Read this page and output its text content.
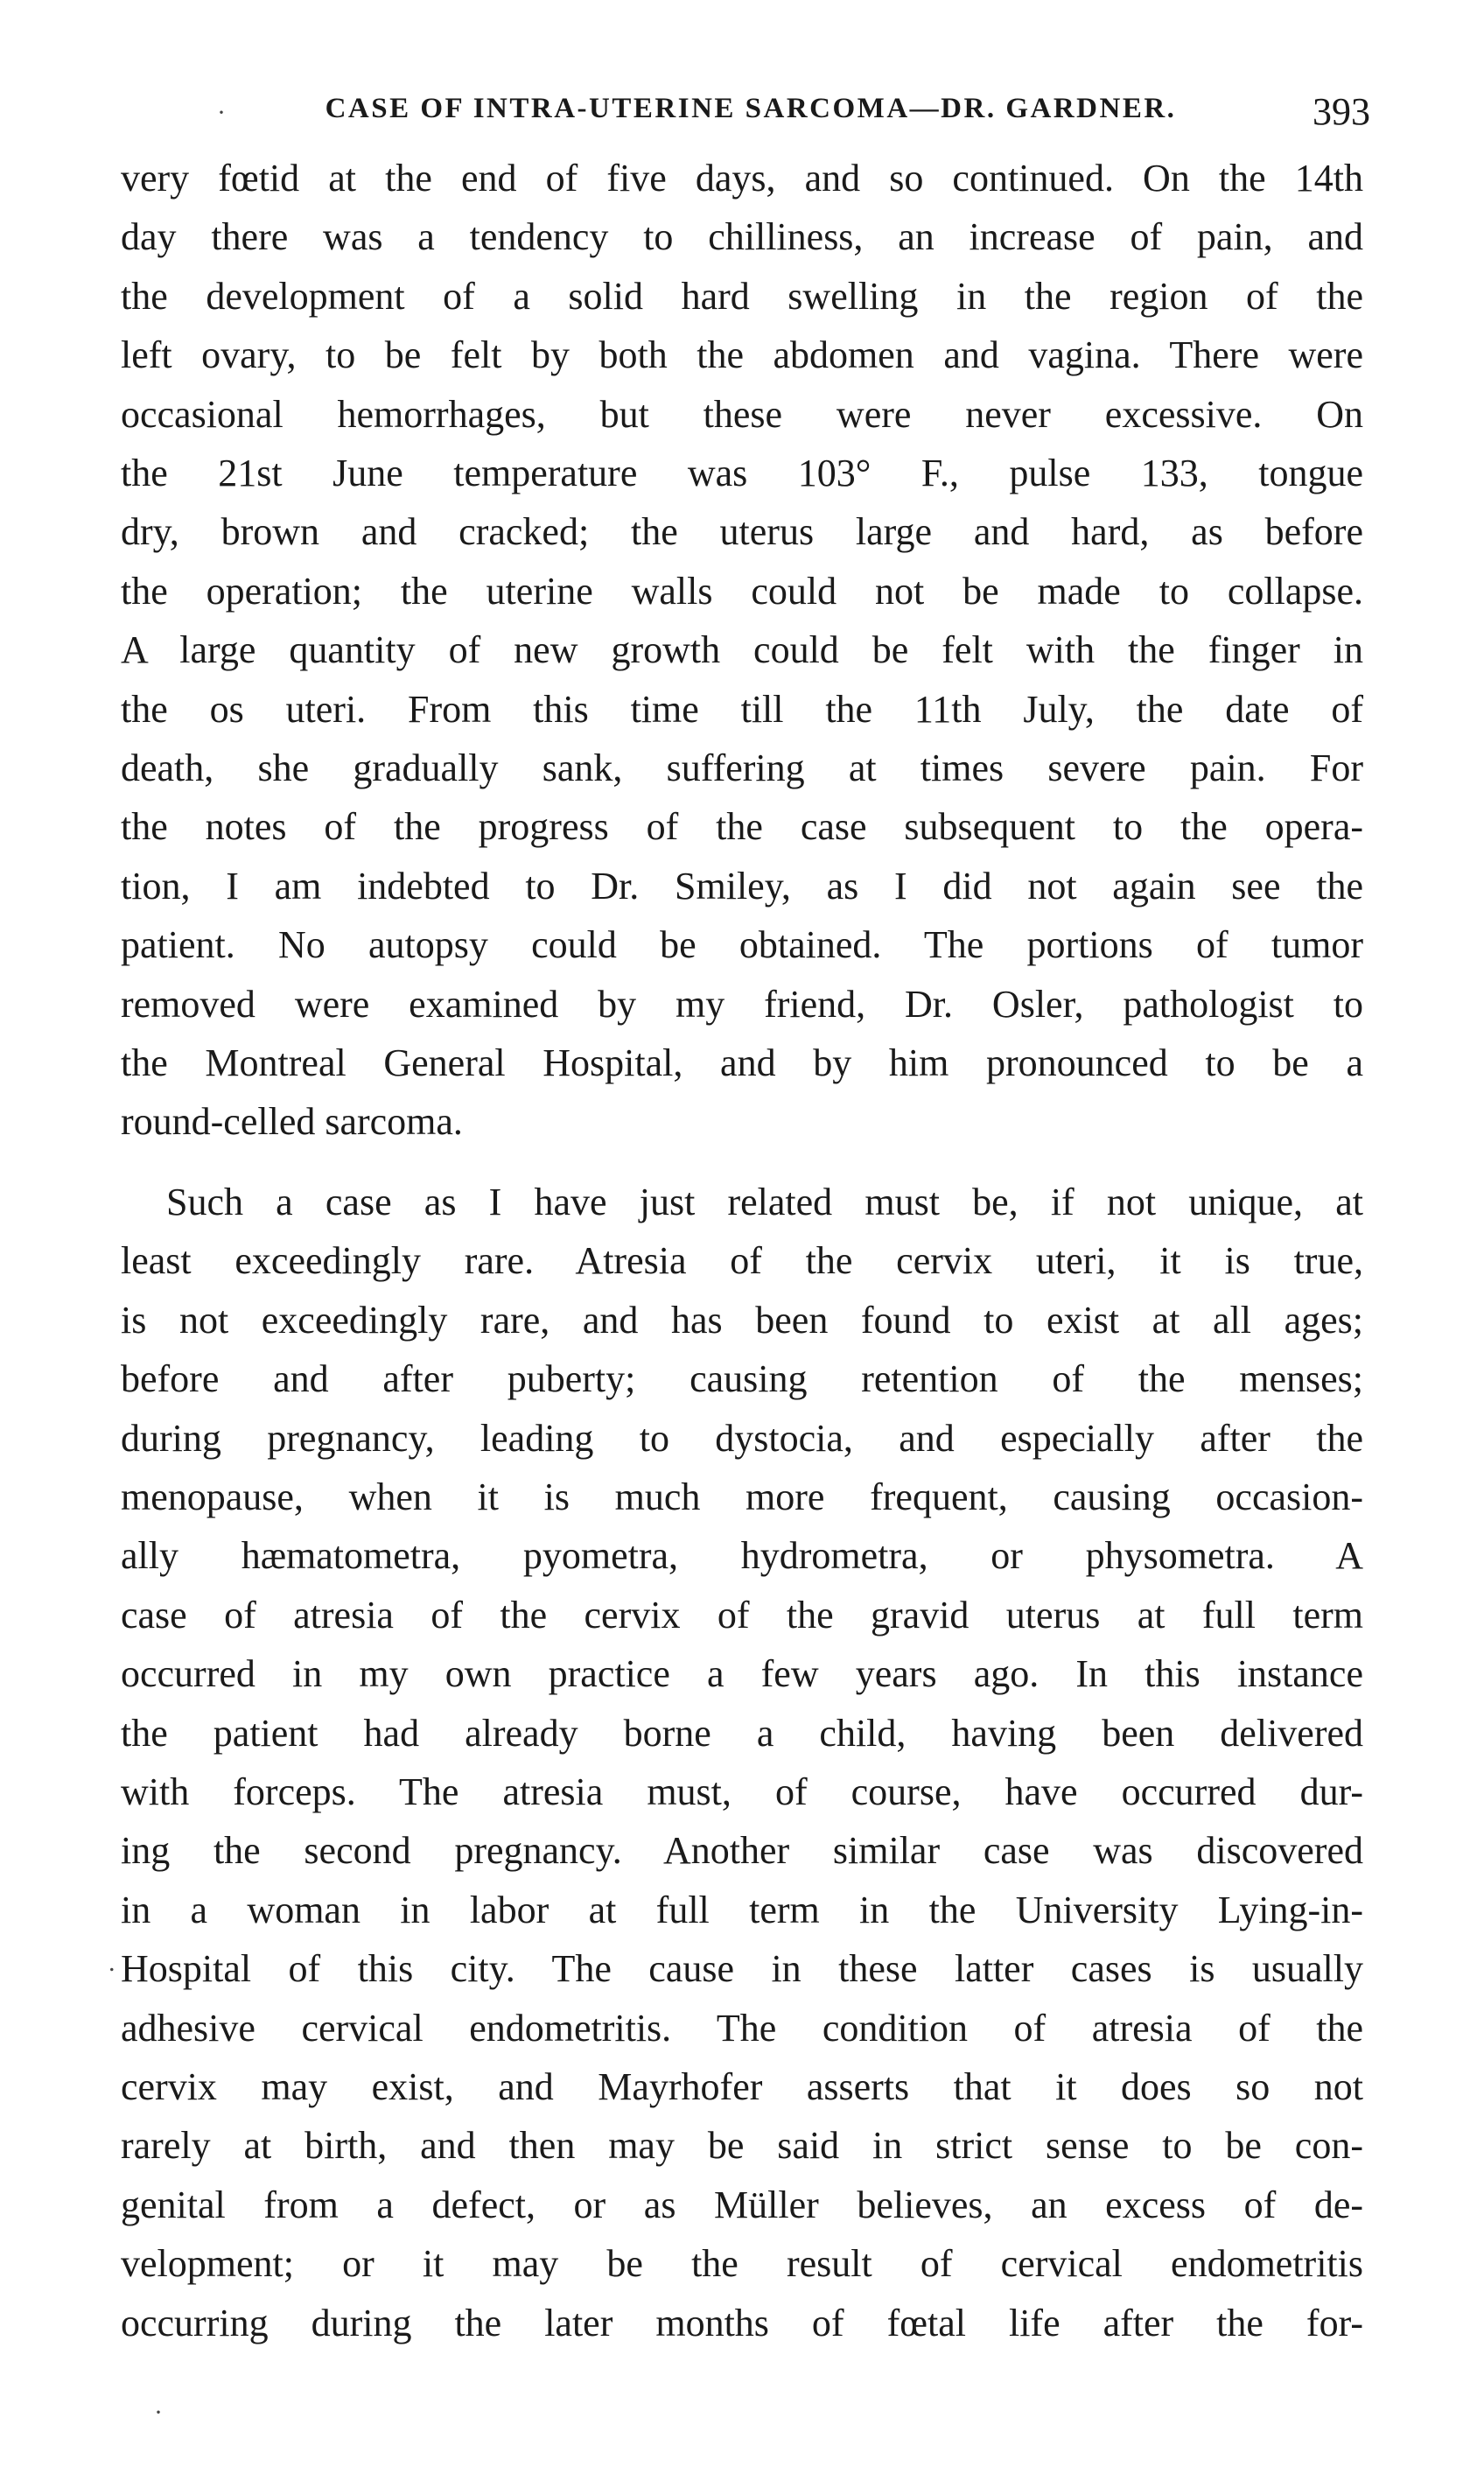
CASE OF INTRA-UTERINE SARCOMA—DR. GARDNER.	393
very fœtid at the end of five days, and so continued. On the 14th
day there was a tendency to chilliness, an increase of pain, and
the development of a solid hard swelling in the region of the
left ovary, to be felt by both the abdomen and vagina. There were
occasional hemorrhages, but these were never excessive. On
the 21st June temperature was 103° F., pulse 133, tongue
dry, brown and cracked; the uterus large and hard, as before
the operation; the uterine walls could not be made to collapse.
A large quantity of new growth could be felt with the finger in
the os uteri. From this time till the 11th July, the date of
death, she gradually sank, suffering at times severe pain. For
the notes of the progress of the case subsequent to the opera-
tion, I am indebted to Dr. Smiley, as I did not again see the
patient. No autopsy could be obtained. The portions of tumor
removed were examined by my friend, Dr. Osler, pathologist to
the Montreal General Hospital, and by him pronounced to be a
round-celled sarcoma.
Such a case as I have just related must be, if not unique, at
least exceedingly rare. Atresia of the cervix uteri, it is true,
is not exceedingly rare, and has been found to exist at all ages;
before and after puberty; causing retention of the menses;
during pregnancy, leading to dystocia, and especially after the
menopause, when it is much more frequent, causing occasion-
ally hæmatometra, pyometra, hydrometra, or physometra. A
case of atresia of the cervix of the gravid uterus at full term
occurred in my own practice a few years ago. In this instance
the patient had already borne a child, having been delivered
with forceps. The atresia must, of course, have occurred dur-
ing the second pregnancy. Another similar case was discovered
in a woman in labor at full term in the University Lying-in-
Hospital of this city. The cause in these latter cases is usually
adhesive cervical endometritis. The condition of atresia of the
cervix may exist, and Mayrhofer asserts that it does so not
rarely at birth, and then may be said in strict sense to be con-
genital from a defect, or as Müller believes, an excess of de-
velopment; or it may be the result of cervical endometritis
occurring during the later months of fœtal life after the for-
·
.
·
